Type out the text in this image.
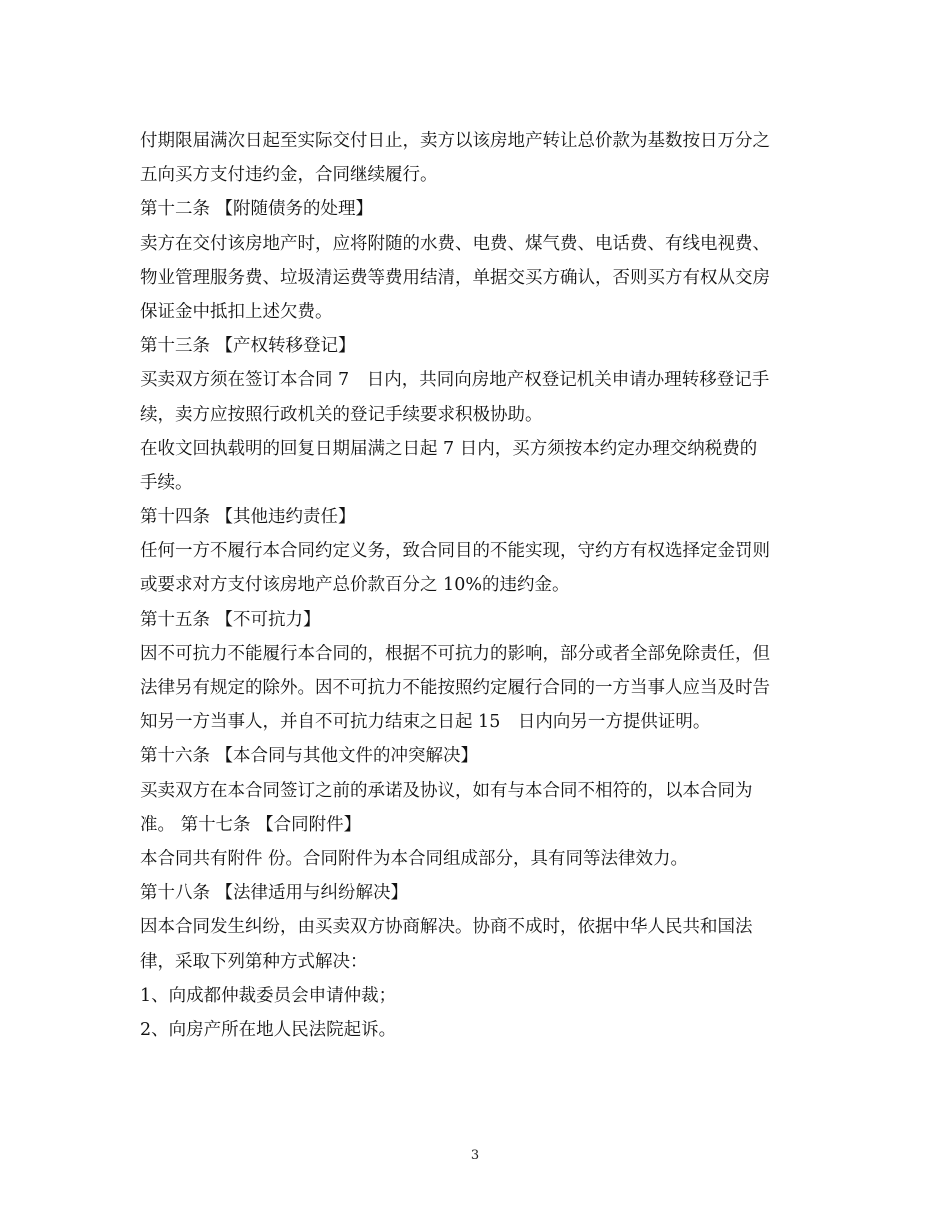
付期限届满次日起至实际交付日止，卖方以该房地产转让总价款为基数按日万分之
五向买方支付违约金，合同继续履行。
第十二条 【附随债务的处理】
卖方在交付该房地产时，应将附随的水费、电费、煤气费、电话费、有线电视费、
物业管理服务费、垃圾清运费等费用结清，单据交买方确认，否则买方有权从交房
保证金中抵扣上述欠费。
第十三条 【产权转移登记】
买卖双方须在签订本合同 7　日内，共同向房地产权登记机关申请办理转移登记手
续，卖方应按照行政机关的登记手续要求积极协助。
在收文回执载明的回复日期届满之日起 7 日内，买方须按本约定办理交纳税费的
手续。
第十四条 【其他违约责任】
任何一方不履行本合同约定义务，致合同目的不能实现，守约方有权选择定金罚则
或要求对方支付该房地产总价款百分之 10%的违约金。
第十五条 【不可抗力】
因不可抗力不能履行本合同的，根据不可抗力的影响，部分或者全部免除责任，但
法律另有规定的除外。因不可抗力不能按照约定履行合同的一方当事人应当及时告
知另一方当事人，并自不可抗力结束之日起 15　日内向另一方提供证明。
第十六条 【本合同与其他文件的冲突解决】
买卖双方在本合同签订之前的承诺及协议，如有与本合同不相符的，以本合同为
准。 第十七条 【合同附件】
本合同共有附件 份。合同附件为本合同组成部分，具有同等法律效力。
第十八条 【法律适用与纠纷解决】
因本合同发生纠纷，由买卖双方协商解决。协商不成时，依据中华人民共和国法
律，采取下列第种方式解决：
1、向成都仲裁委员会申请仲裁；
2、向房产所在地人民法院起诉。
3
